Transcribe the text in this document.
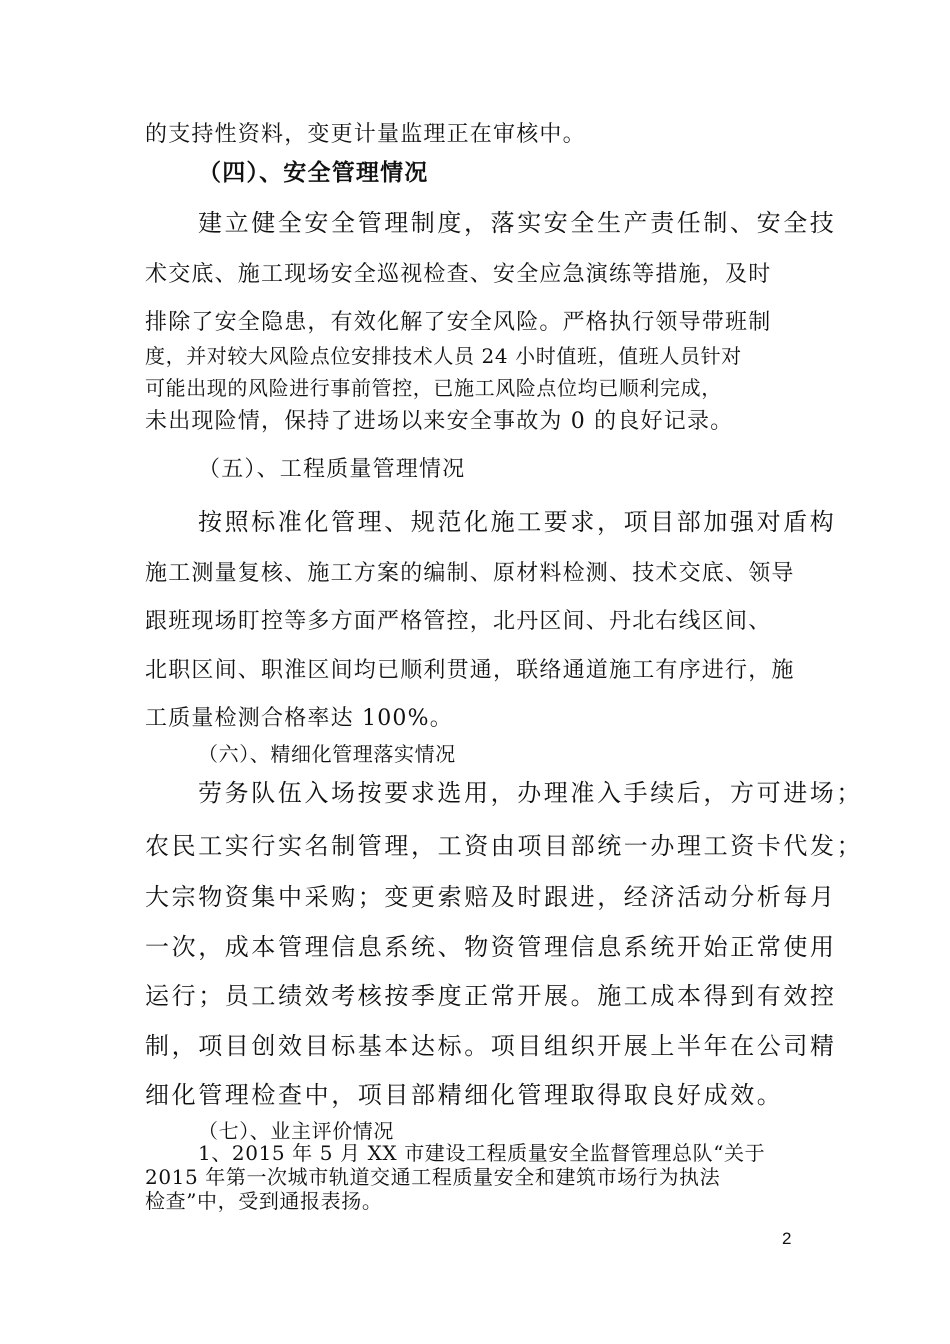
的支持性资料，变更计量监理正在审核中。

（四）、安全管理情况

建立健全安全管理制度，落实安全生产责任制、安全技

术交底、施工现场安全巡视检查、安全应急演练等措施，及时

排除了安全隐患，有效化解了安全风险。严格执行领导带班制

度，并对较大风险点位安排技术人员 24 小时值班，值班人员针对

可能出现的风险进行事前管控，已施工风险点位均已顺利完成，

未出现险情，保持了进场以来安全事故为 0 的良好记录。

（五）、工程质量管理情况

按照标准化管理、规范化施工要求，项目部加强对盾构

施工测量复核、施工方案的编制、原材料检测、技术交底、领导

跟班现场盯控等多方面严格管控，北丹区间、丹北右线区间、

北职区间、职淮区间均已顺利贯通，联络通道施工有序进行，施

工质量检测合格率达 100%。

（六）、精细化管理落实情况

劳务队伍入场按要求选用，办理准入手续后，方可进场；

农民工实行实名制管理，工资由项目部统一办理工资卡代发；

大宗物资集中采购；变更索赔及时跟进，经济活动分析每月

一次，成本管理信息系统、物资管理信息系统开始正常使用

运行；员工绩效考核按季度正常开展。施工成本得到有效控

制，项目创效目标基本达标。项目组织开展上半年在公司精

细化管理检查中，项目部精细化管理取得取良好成效。

（七）、业主评价情况

1、2015 年 5 月 XX 市建设工程质量安全监督管理总队“关于

2015 年第一次城市轨道交通工程质量安全和建筑市场行为执法

检查”中，受到通报表扬。

2
